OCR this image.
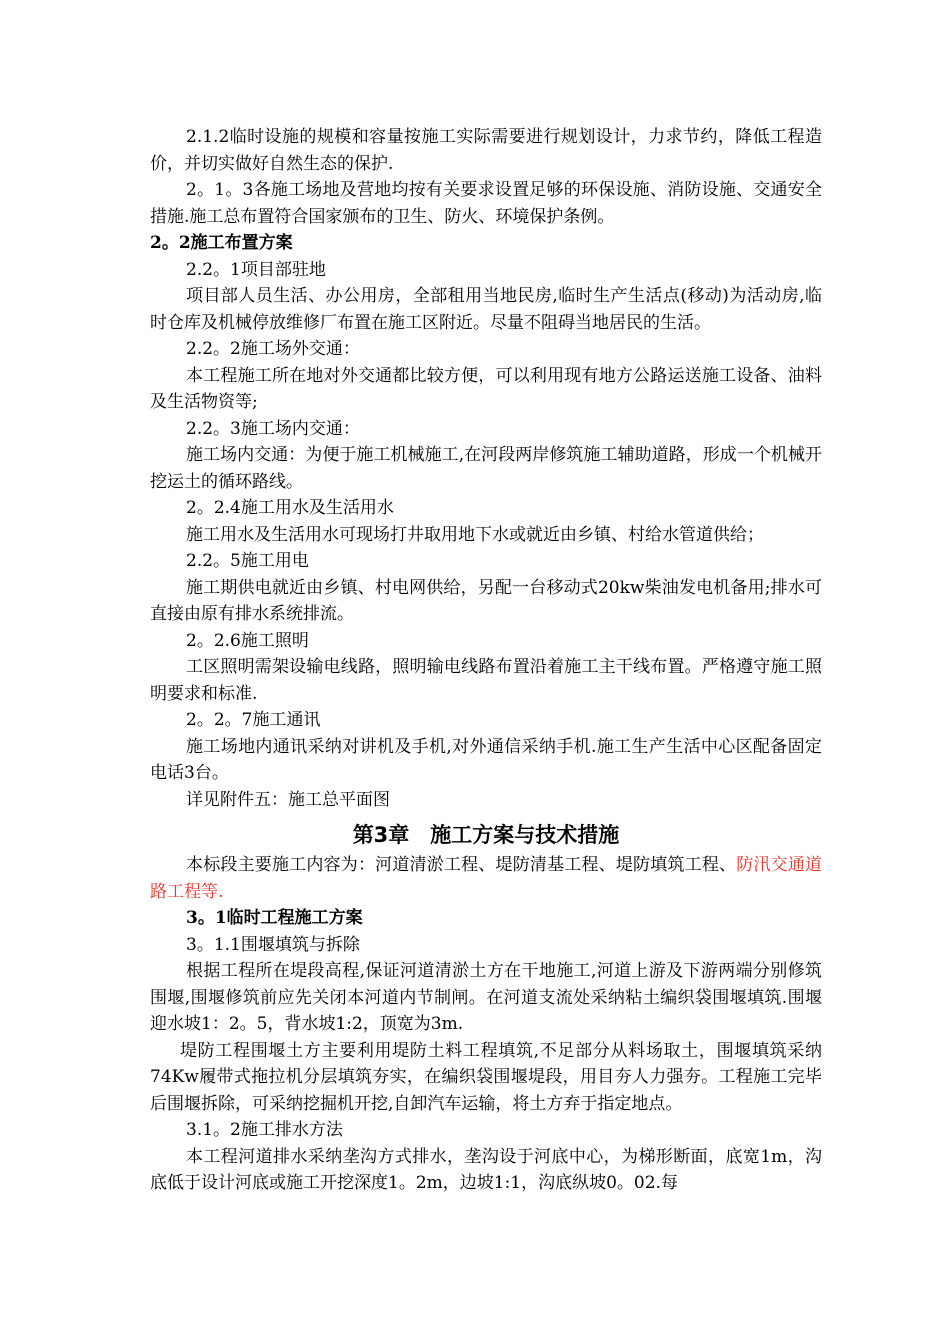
2.1.2临时设施的规模和容量按施工实际需要进行规划设计，力求节约，降低工程造价，并切实做好自然生态的保护.

2。1。3各施工场地及营地均按有关要求设置足够的环保设施、消防设施、交通安全措施.施工总布置符合国家颁布的卫生、防火、环境保护条例。

2。2施工布置方案

2.2。1项目部驻地

项目部人员生活、办公用房，全部租用当地民房,临时生产生活点(移动)为活动房,临时仓库及机械停放维修厂布置在施工区附近。尽量不阻碍当地居民的生活。

2.2。2施工场外交通：

本工程施工所在地对外交通都比较方便，可以利用现有地方公路运送施工设备、油料及生活物资等;

2.2。3施工场内交通：

施工场内交通：为便于施工机械施工,在河段两岸修筑施工辅助道路，形成一个机械开挖运土的循环路线。

2。2.4施工用水及生活用水

施工用水及生活用水可现场打井取用地下水或就近由乡镇、村给水管道供给；

2.2。5施工用电

施工期供电就近由乡镇、村电网供给，另配一台移动式20kw柴油发电机备用;排水可直接由原有排水系统排流。

2。2.6施工照明

工区照明需架设输电线路，照明输电线路布置沿着施工主干线布置。严格遵守施工照明要求和标准.

2。2。7施工通讯

施工场地内通讯采纳对讲机及手机,对外通信采纳手机.施工生产生活中心区配备固定电话3台。

详见附件五：施工总平面图

第3章　施工方案与技术措施

本标段主要施工内容为：河道清淤工程、堤防清基工程、堤防填筑工程、防汛交通道路工程等.

3。1临时工程施工方案

3。1.1围堰填筑与拆除

根据工程所在堤段高程,保证河道清淤土方在干地施工,河道上游及下游两端分别修筑围堰,围堰修筑前应先关闭本河道内节制闸。在河道支流处采纳粘土编织袋围堰填筑.围堰迎水坡1：2。5，背水坡1:2，顶宽为3m.

堤防工程围堰土方主要利用堤防土料工程填筑,不足部分从料场取土，围堰填筑采纳74Kw履带式拖拉机分层填筑夯实，在编织袋围堰堤段，用目夯人力强夯。工程施工完毕后围堰拆除，可采纳挖掘机开挖,自卸汽车运输，将土方弃于指定地点。

3.1。2施工排水方法

本工程河道排水采纳垄沟方式排水，垄沟设于河底中心，为梯形断面，底宽1m，沟底低于设计河底或施工开挖深度1。2m，边坡1:1，沟底纵坡0。02.每
